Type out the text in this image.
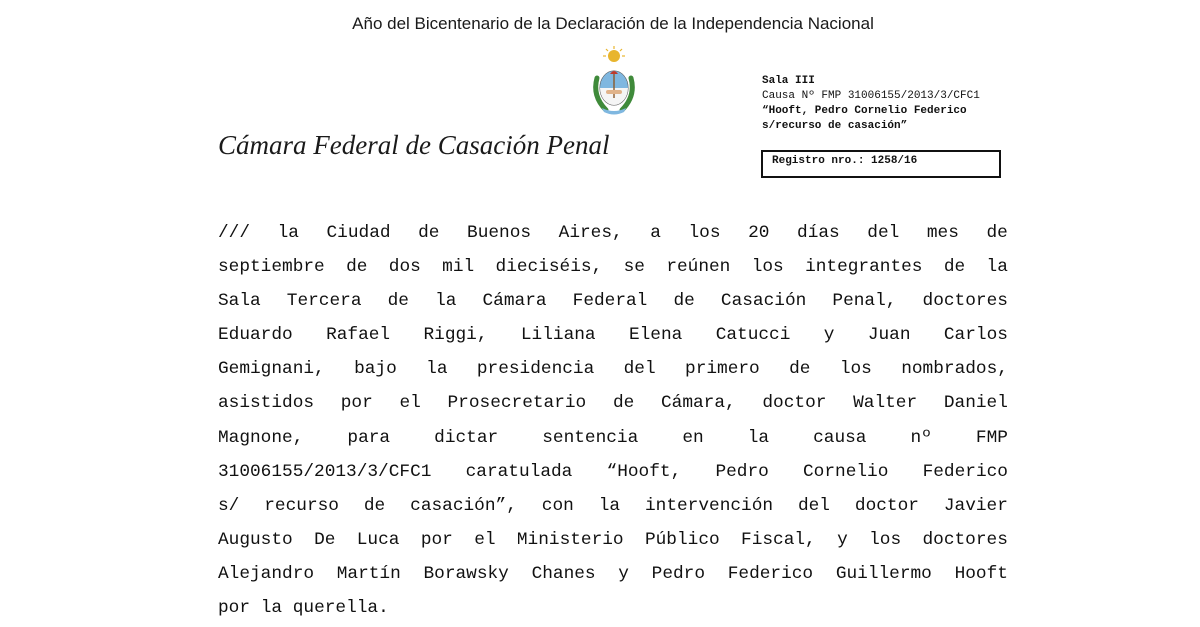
Año del Bicentenario de la Declaración de la Independencia Nacional
Cámara Federal de Casación Penal
Sala III
Causa Nº FMP 31006155/2013/3/CFC1
“Hooft, Pedro Cornelio Federico
s/recurso de casación”
Registro nro.: 1258/16
/// la Ciudad de Buenos Aires, a los 20 días del mes de
septiembre de dos mil dieciséis, se reúnen los integrantes de la
Sala Tercera de la Cámara Federal de Casación Penal, doctores
Eduardo Rafael Riggi, Liliana Elena Catucci y Juan Carlos
Gemignani, bajo la presidencia del primero de los nombrados,
asistidos por el Prosecretario de Cámara, doctor Walter Daniel
Magnone, para dictar sentencia en la causa nº FMP
31006155/2013/3/CFC1 caratulada “Hooft, Pedro Cornelio Federico
s/ recurso de casación”, con la intervención del doctor Javier
Augusto De Luca por el Ministerio Público Fiscal, y los doctores
Alejandro Martín Borawsky Chanes y Pedro Federico Guillermo Hooft
por la querella.
